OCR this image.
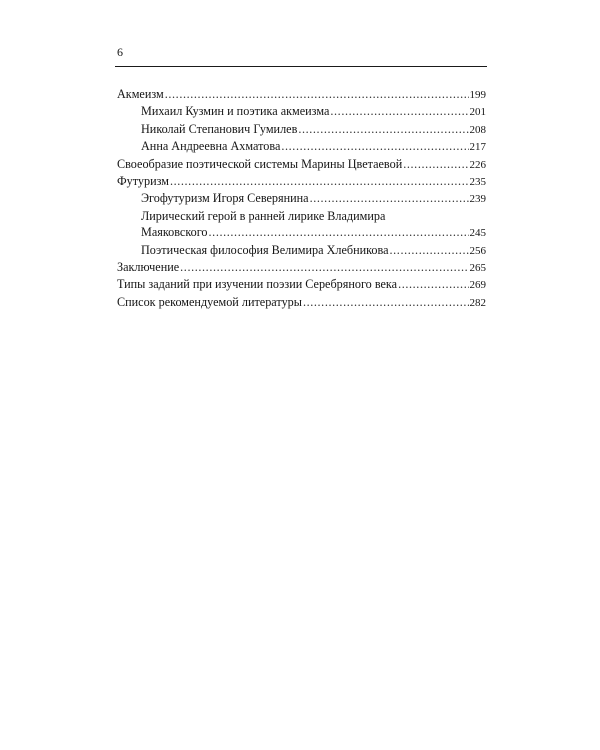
6
Акмеизм .....	199
Михаил Кузмин и поэтика акмеизма .....	201
Николай Степанович Гумилев .....	208
Анна Андреевна Ахматова .....	217
Своеобразие поэтической системы Марины Цветаевой .....	226
Футуризм .....	235
Эгофутуризм Игоря Северянина .....	239
Лирический герой в ранней лирике Владимира
Маяковского .....	245
Поэтическая философия Велимира Хлебникова .....	256
Заключение .....	265
Типы заданий при изучении поэзии Серебряного века .....	269
Список рекомендуемой литературы .....	282
